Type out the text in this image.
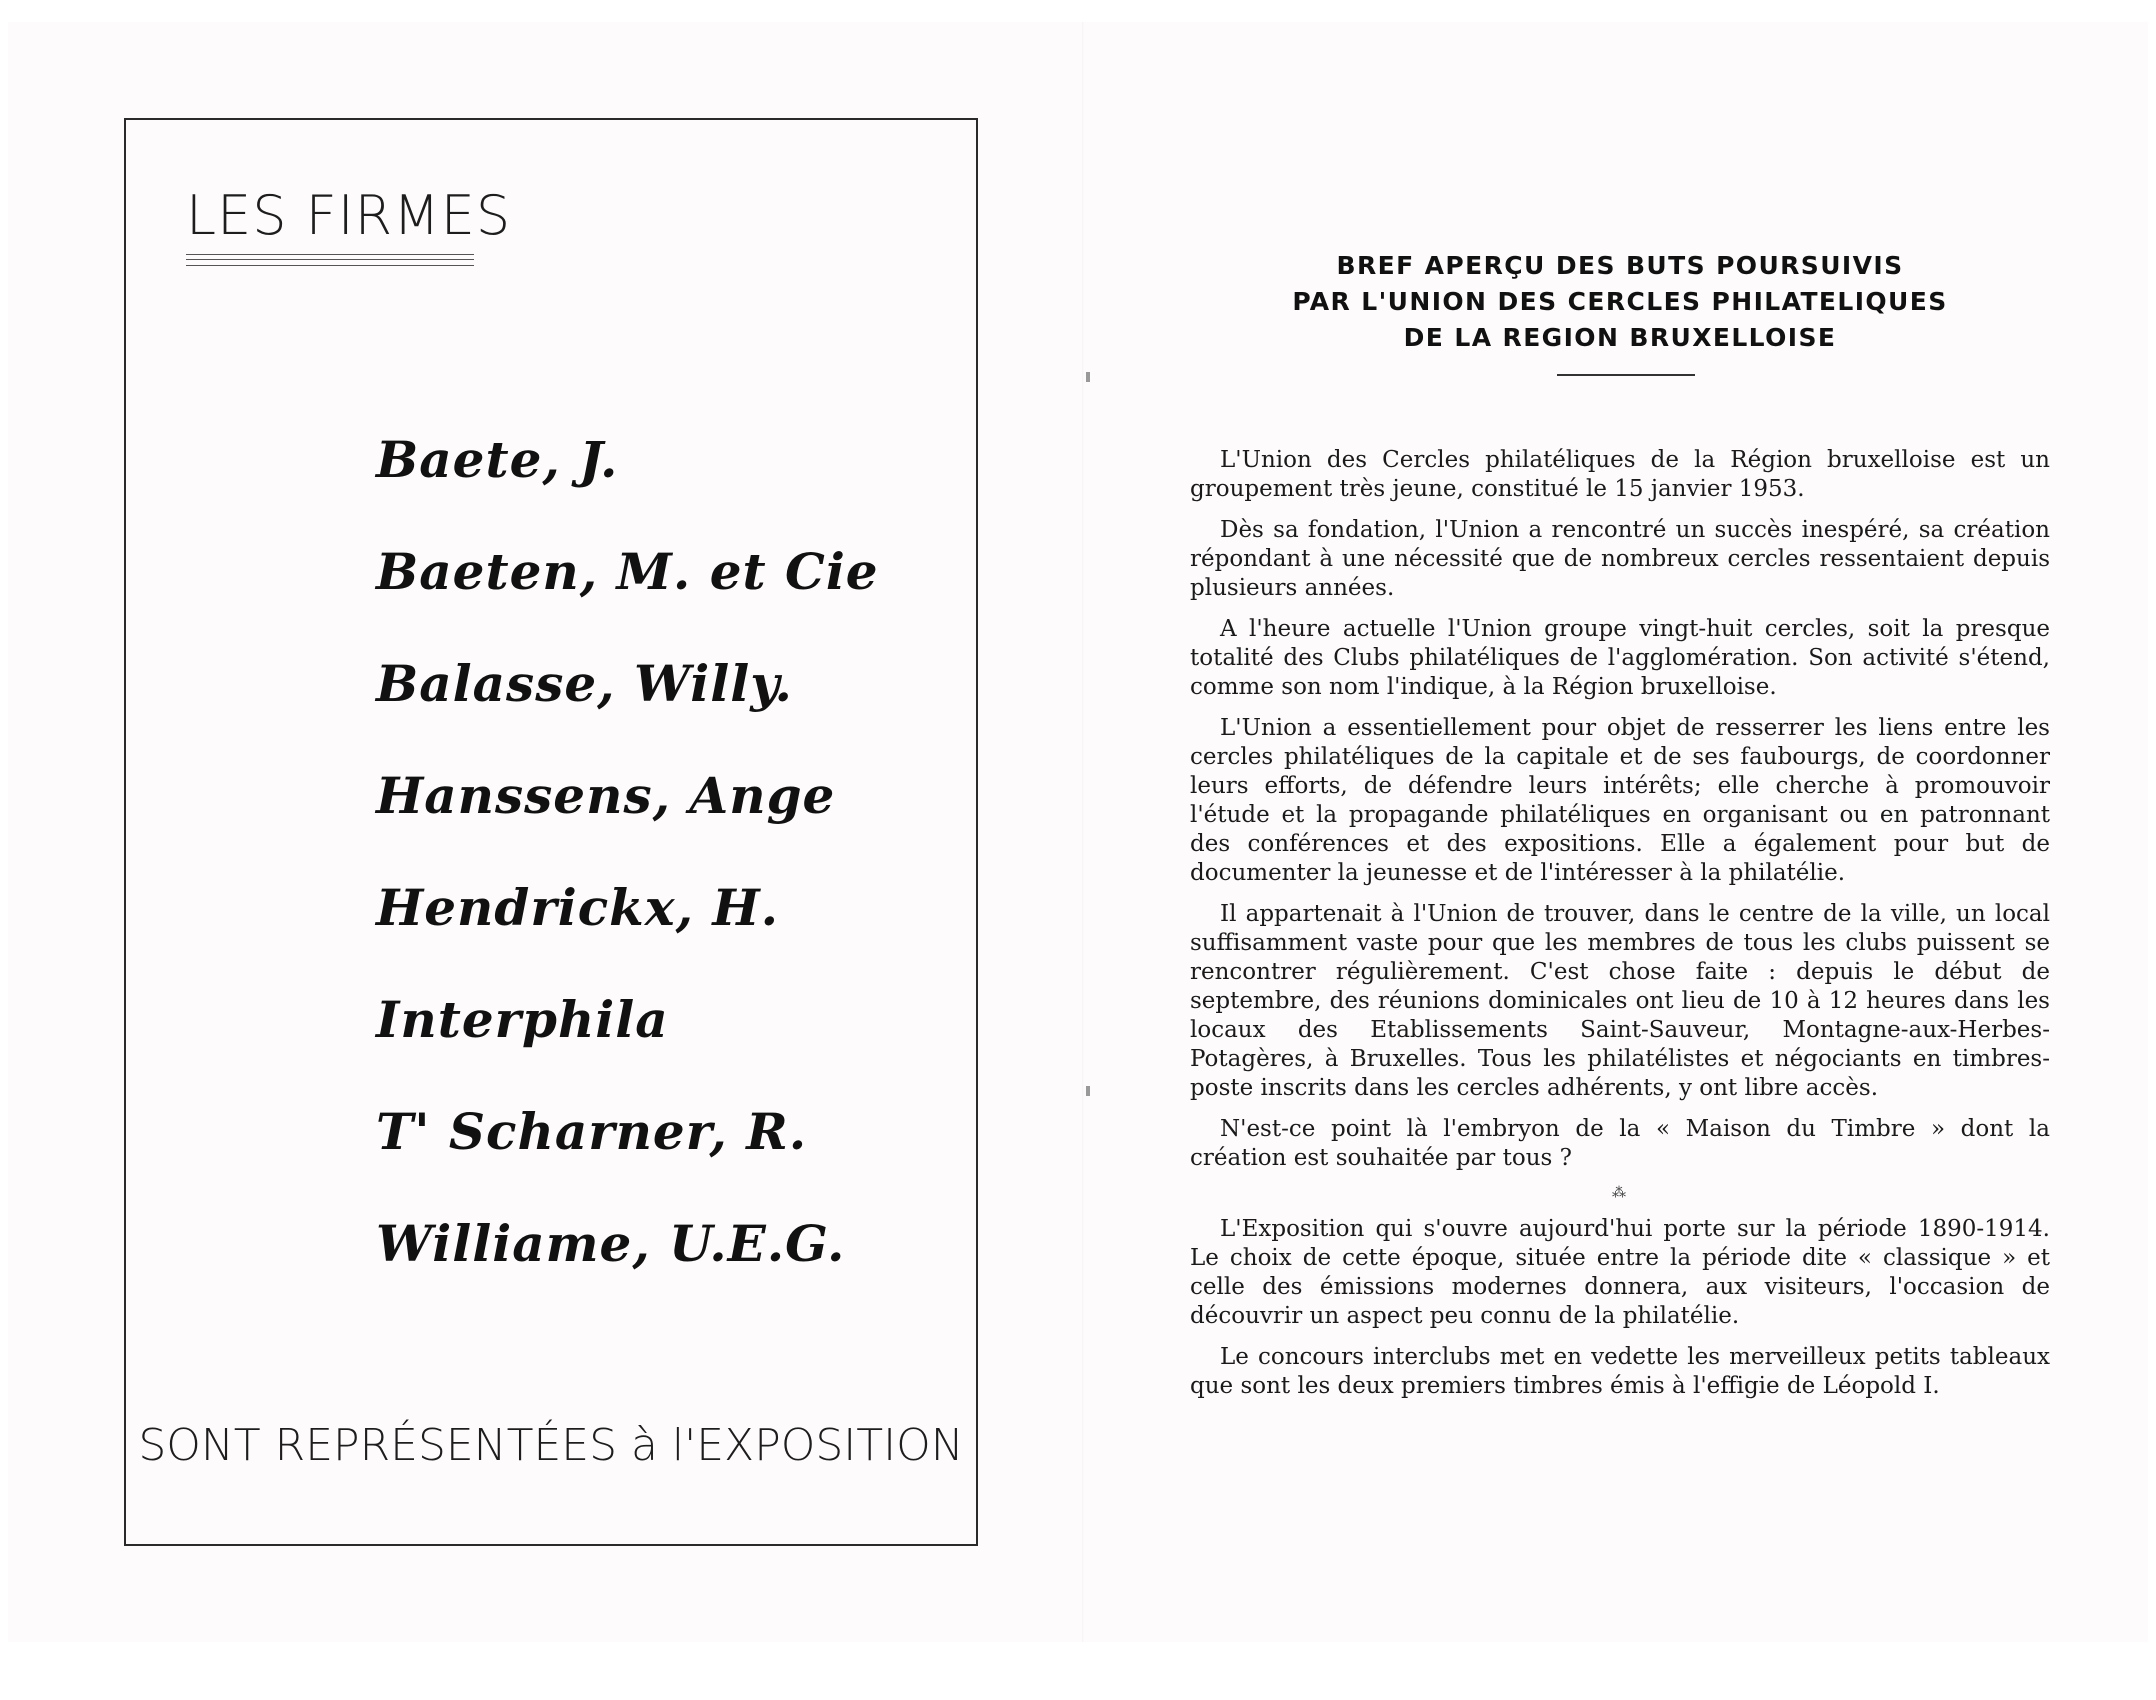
LES FIRMES
Baete, J.
Baeten, M. et Cie
Balasse, Willy.
Hanssens, Ange
Hendrickx, H.
Interphila
T' Scharner, R.
Williame, U.E.G.

SONT REPRÉSENTÉES à l'EXPOSITION

BREF APERÇU DES BUTS POURSUIVIS
PAR L'UNION DES CERCLES PHILATELIQUES
DE LA REGION BRUXELLOISE

L'Union des Cercles philatéliques de la Région bruxelloise est un groupement très jeune, constitué le 15 janvier 1953.

Dès sa fondation, l'Union a rencontré un succès inespéré, sa création répondant à une nécessité que de nombreux cercles ressentaient depuis plusieurs années.

A l'heure actuelle l'Union groupe vingt-huit cercles, soit la presque totalité des Clubs philatéliques de l'agglomération. Son activité s'étend, comme son nom l'indique, à la Région bruxelloise.

L'Union a essentiellement pour objet de resserrer les liens entre les cercles philatéliques de la capitale et de ses faubourgs, de coordonner leurs efforts, de défendre leurs intérêts; elle cherche à promouvoir l'étude et la propagande philatéliques en organisant ou en patronnant des conférences et des expositions. Elle a également pour but de documenter la jeunesse et de l'intéresser à la philatélie.

Il appartenait à l'Union de trouver, dans le centre de la ville, un local suffisamment vaste pour que les membres de tous les clubs puissent se rencontrer régulièrement. C'est chose faite : depuis le début de septembre, des réunions dominicales ont lieu de 10 à 12 heures dans les locaux des Etablissements Saint-Sauveur, Montagne-aux-Herbes-Potagères, à Bruxelles. Tous les philatélistes et négociants en timbres-poste inscrits dans les cercles adhérents, y ont libre accès.

N'est-ce point là l'embryon de la « Maison du Timbre » dont la création est souhaitée par tous ?

⁂

L'Exposition qui s'ouvre aujourd'hui porte sur la période 1890-1914. Le choix de cette époque, située entre la période dite « classique » et celle des émissions modernes donnera, aux visiteurs, l'occasion de découvrir un aspect peu connu de la philatélie.

Le concours interclubs met en vedette les merveilleux petits tableaux que sont les deux premiers timbres émis à l'effigie de Léopold I.
